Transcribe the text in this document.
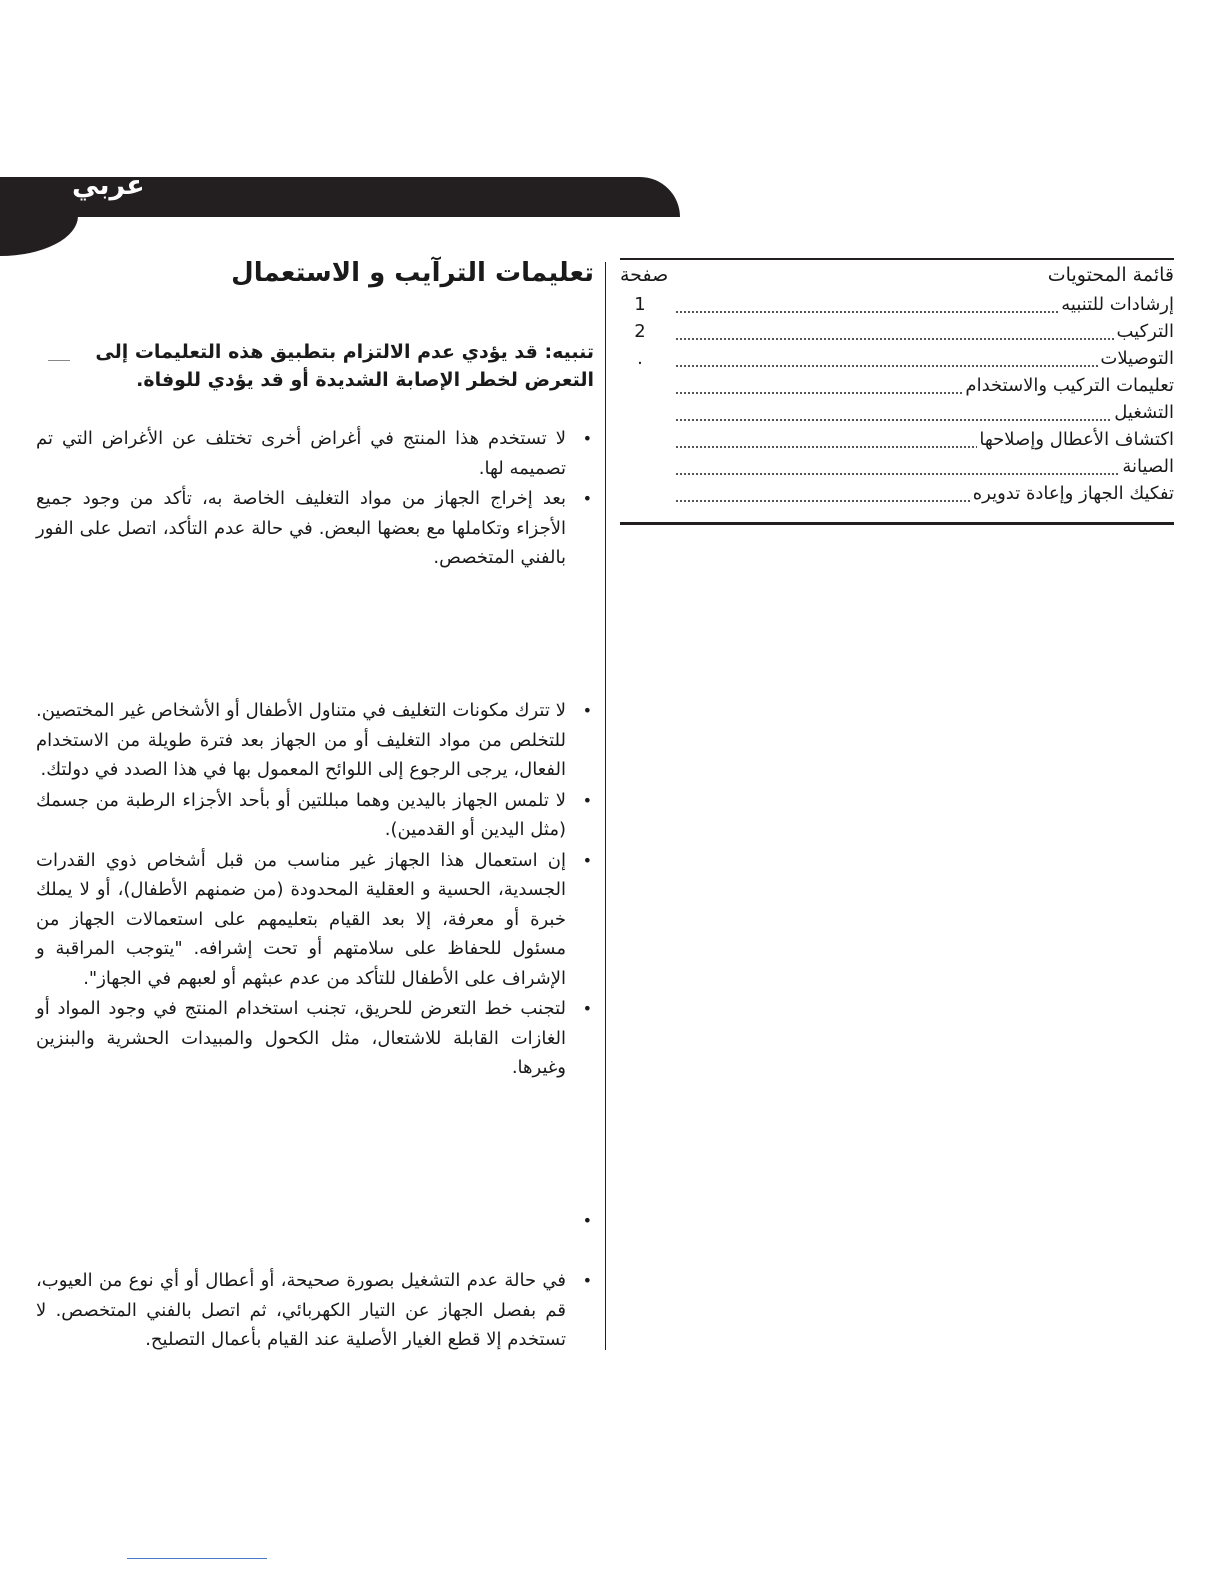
عربي
قائمة المحتويات
صفحة
إرشادات للتنبيه
1
التركيب
2
التوصيلات
.
تعليمات التركيب والاستخدام
التشغيل
اكتشاف الأعطال وإصلاحها
الصيانة
تفكيك الجهاز وإعادة تدويره
تعليمات الترآيب و الاستعمال
تنبيه: قد يؤدي عدم الالتزام بتطبيق هذه التعليمات إلى التعرض لخطر الإصابة الشديدة أو قد يؤدي للوفاة.
•
لا تستخدم هذا المنتج في أغراض أخرى تختلف عن الأغراض التي تم تصميمه لها.
•
بعد إخراج الجهاز من مواد التغليف الخاصة به، تأكد من وجود جميع الأجزاء وتكاملها مع بعضها البعض. في حالة عدم التأكد، اتصل على الفور بالفني المتخصص.
•
لا تترك مكونات التغليف في متناول الأطفال أو الأشخاص غير المختصين. للتخلص من مواد التغليف أو من الجهاز بعد فترة طويلة من الاستخدام الفعال، يرجى الرجوع إلى اللوائح المعمول بها في هذا الصدد في دولتك.
•
لا تلمس الجهاز باليدين وهما مبللتين أو بأحد الأجزاء الرطبة من جسمك (مثل اليدين أو القدمين).
•
إن استعمال هذا الجهاز غير مناسب من قبل أشخاص ذوي القدرات الجسدية، الحسية و العقلية المحدودة (من ضمنهم الأطفال)، أو لا يملك خبرة أو معرفة، إلا بعد القيام بتعليمهم على استعمالات الجهاز من مسئول للحفاظ على سلامتهم أو تحت إشرافه. "يتوجب المراقبة و الإشراف على الأطفال للتأكد من عدم عبثهم أو لعبهم في الجهاز".
•
لتجنب خط التعرض للحريق، تجنب استخدام المنتج في وجود المواد أو الغازات القابلة للاشتعال، مثل الكحول والمبيدات الحشرية والبنزين وغيرها.
•

•
في حالة عدم التشغيل بصورة صحيحة، أو أعطال أو أي نوع من العيوب، قم بفصل الجهاز عن التيار الكهربائي، ثم اتصل بالفني المتخصص. لا تستخدم إلا قطع الغيار الأصلية عند القيام بأعمال التصليح.
